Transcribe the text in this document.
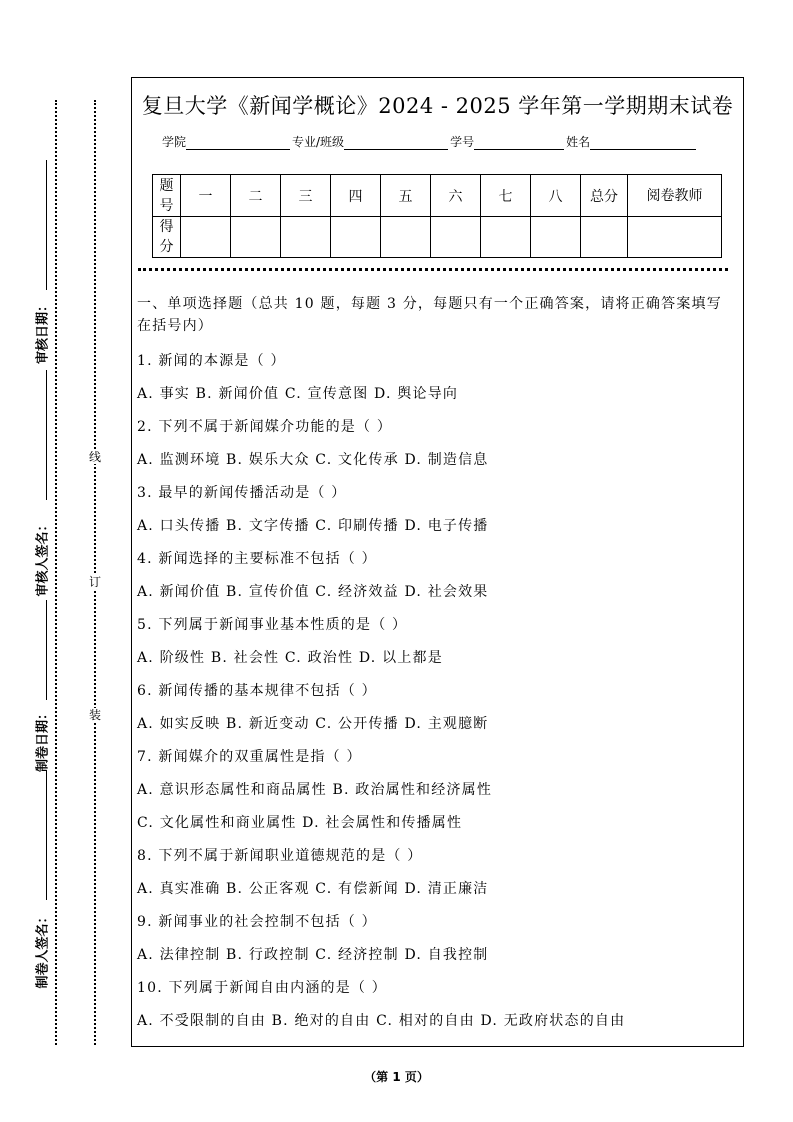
审核日期：
审核人签名：
制卷日期：
制卷人签名：
线
订
装
复旦大学《新闻学概论》2024 - 2025 学年第一学期期末试卷
学院	专业/班级	学号	姓名
题号	一	二	三	四	五	六	七	八	总分	阅卷教师
得分										
一、单项选择题（总共 10 题，每题 3 分，每题只有一个正确答案，请将正确答案填写在括号内）
1. 新闻的本源是（ ）
A. 事实 B. 新闻价值 C. 宣传意图 D. 舆论导向
2. 下列不属于新闻媒介功能的是（ ）
A. 监测环境 B. 娱乐大众 C. 文化传承 D. 制造信息
3. 最早的新闻传播活动是（ ）
A. 口头传播 B. 文字传播 C. 印刷传播 D. 电子传播
4. 新闻选择的主要标准不包括（ ）
A. 新闻价值 B. 宣传价值 C. 经济效益 D. 社会效果
5. 下列属于新闻事业基本性质的是（ ）
A. 阶级性 B. 社会性 C. 政治性 D. 以上都是
6. 新闻传播的基本规律不包括（ ）
A. 如实反映 B. 新近变动 C. 公开传播 D. 主观臆断
7. 新闻媒介的双重属性是指（ ）
A. 意识形态属性和商品属性 B. 政治属性和经济属性
C. 文化属性和商业属性 D. 社会属性和传播属性
8. 下列不属于新闻职业道德规范的是（ ）
A. 真实准确 B. 公正客观 C. 有偿新闻 D. 清正廉洁
9. 新闻事业的社会控制不包括（ ）
A. 法律控制 B. 行政控制 C. 经济控制 D. 自我控制
10. 下列属于新闻自由内涵的是（ ）
A. 不受限制的自由 B. 绝对的自由 C. 相对的自由 D. 无政府状态的自由
（第 1 页）
